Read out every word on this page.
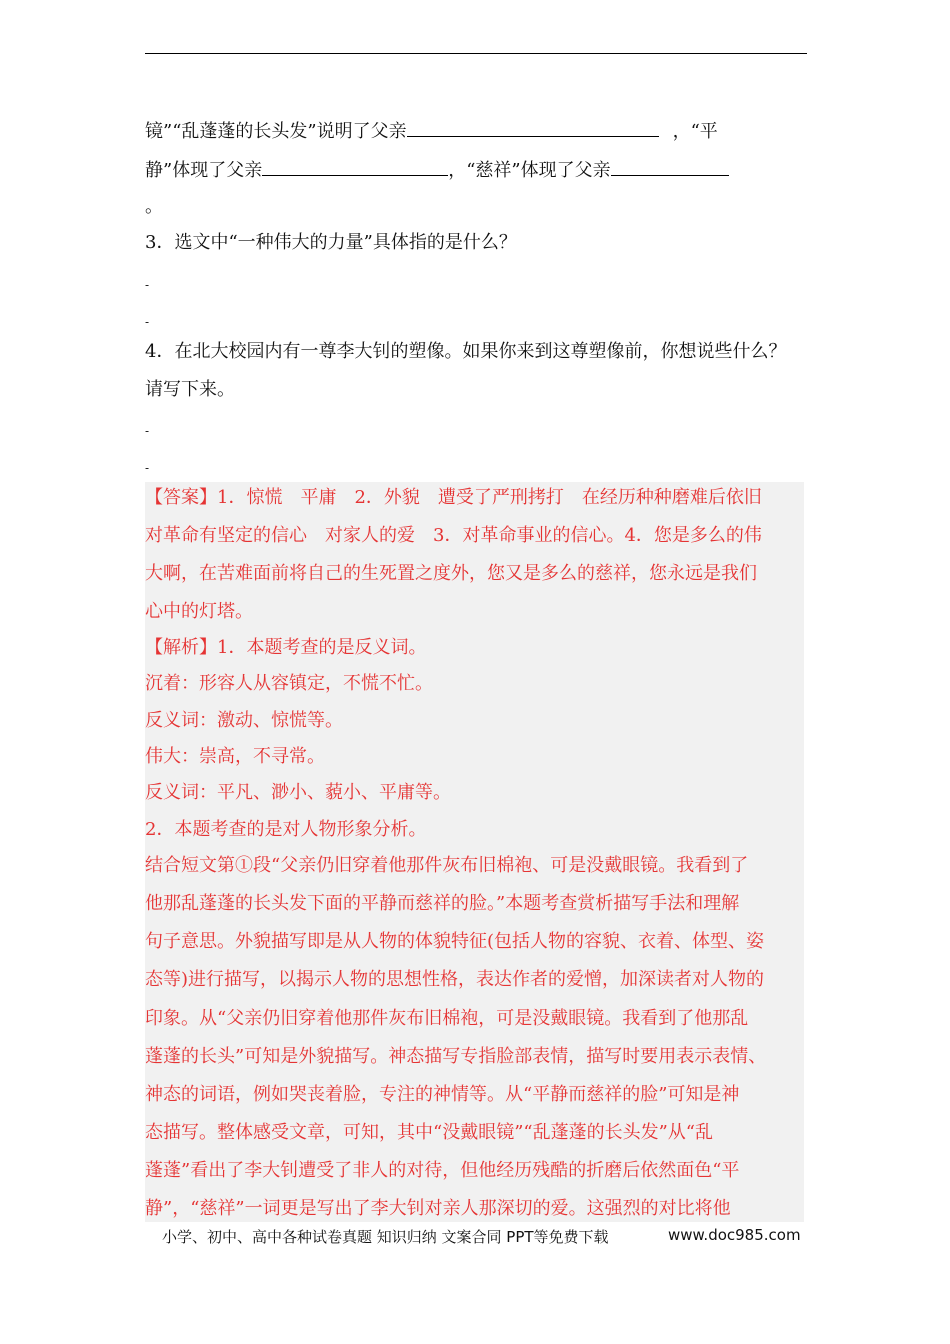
镜”“乱蓬蓬的长头发”说明了父亲	，“平
静”体现了父亲	，“慈祥”体现了父亲
。
3．选文中“一种伟大的力量”具体指的是什么？
-
-
4．在北大校园内有一尊李大钊的塑像。如果你来到这尊塑像前，你想说些什么？
请写下来。
-
-
【答案】1．惊慌　平庸　2．外貌　遭受了严刑拷打　在经历种种磨难后依旧
对革命有坚定的信心　对家人的爱　3．对革命事业的信心。4．您是多么的伟
大啊，在苦难面前将自己的生死置之度外，您又是多么的慈祥，您永远是我们
心中的灯塔。
【解析】1．本题考查的是反义词。
沉着：形容人从容镇定，不慌不忙。
反义词：激动、惊慌等。
伟大：崇高，不寻常。
反义词：平凡、渺小、藐小、平庸等。
2．本题考查的是对人物形象分析。
结合短文第①段“父亲仍旧穿着他那件灰布旧棉袍、可是没戴眼镜。我看到了
他那乱蓬蓬的长头发下面的平静而慈祥的脸。”本题考查赏析描写手法和理解
句子意思。外貌描写即是从人物的体貌特征(包括人物的容貌、衣着、体型、姿
态等)进行描写，以揭示人物的思想性格，表达作者的爱憎，加深读者对人物的
印象。从“父亲仍旧穿着他那件灰布旧棉袍，可是没戴眼镜。我看到了他那乱
蓬蓬的长头”可知是外貌描写。神态描写专指脸部表情，描写时要用表示表情、
神态的词语，例如哭丧着脸，专注的神情等。从“平静而慈祥的脸”可知是神
态描写。整体感受文章，可知，其中“没戴眼镜”“乱蓬蓬的长头发”从“乱
蓬蓬”看出了李大钊遭受了非人的对待，但他经历残酷的折磨后依然面色“平
静”，“慈祥”一词更是写出了李大钊对亲人那深切的爱。这强烈的对比将他
小学、初中、高中各种试卷真题 知识归纳 文案合同 PPT等免费下载	www.doc985.com
